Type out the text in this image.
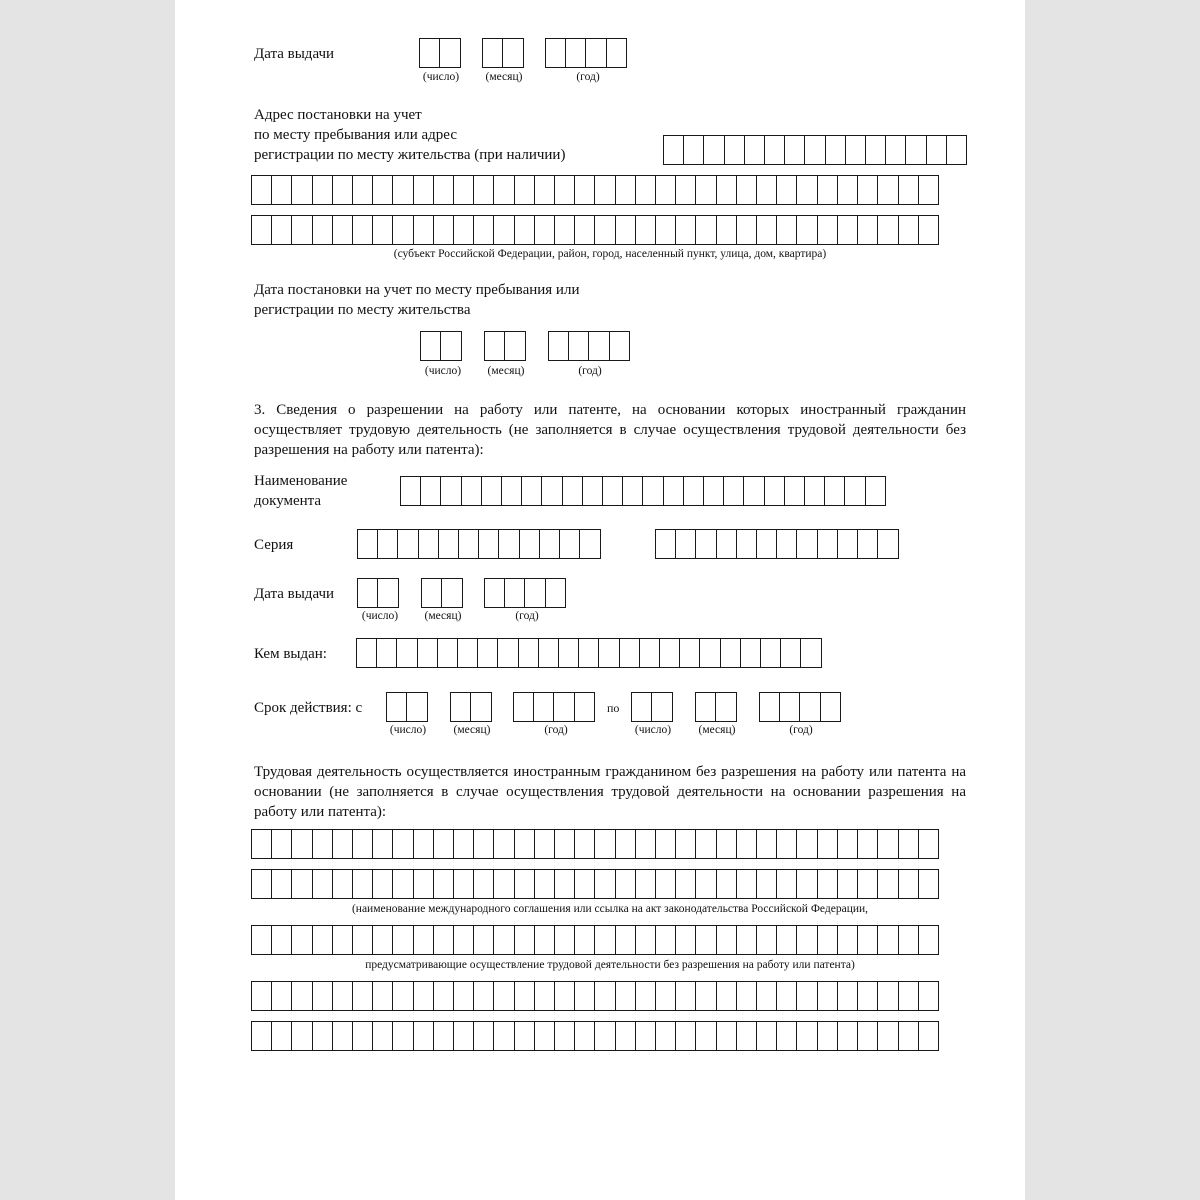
Дата выдачи
(число) (месяц)	(год)
Адрес постановки на учет
по месту пребывания или адрес
регистрации по месту жительства (при наличии)
(субъект Российской Федерации, район, город, населенный пункт, улица, дом, квартира)
Дата постановки на учет по месту пребывания или
регистрации по месту жительства
(число) (месяц)	(год)
3. Сведения о разрешении на работу или патенте, на основании которых иностранный гражданин осуществляет трудовую деятельность (не заполняется в случае осуществления трудовой деятельности без разрешения на работу или патента):
Наименование
документа
Серия
Дата выдачи
(число) (месяц)	(год)
Кем выдан:
Срок действия: с	по
(число) (месяц)	(год)	(число) (месяц)	(год)
Трудовая деятельность осуществляется иностранным гражданином без разрешения на работу или патента на основании (не заполняется в случае осуществления трудовой деятельности на основании разрешения на работу или патента):
(наименование международного соглашения или ссылка на акт законодательства Российской Федерации,
предусматривающие осуществление трудовой деятельности без разрешения на работу или патента)
